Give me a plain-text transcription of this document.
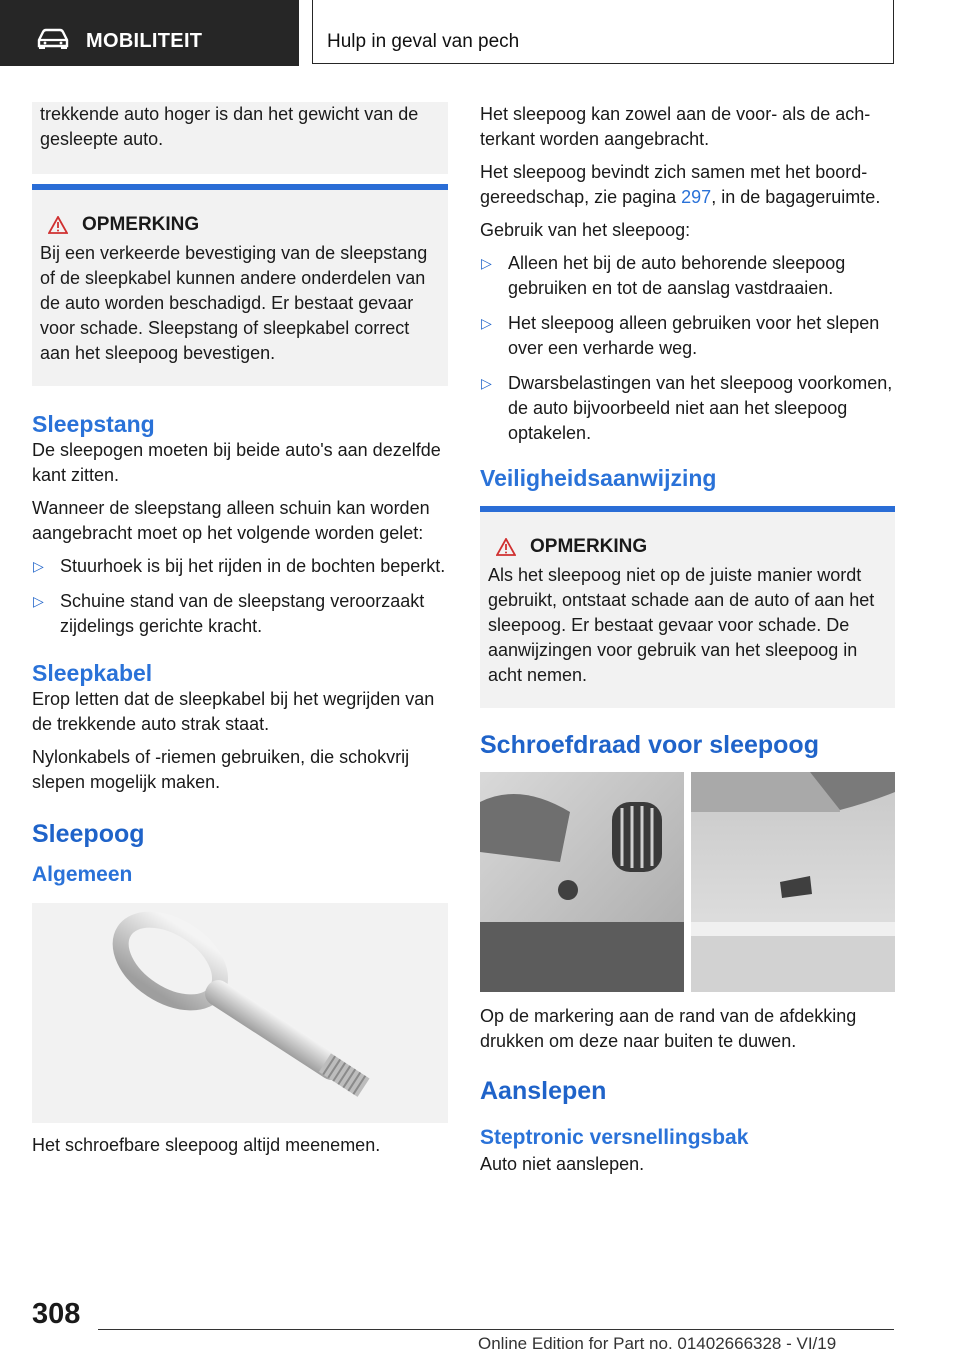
MOBILITEIT	Hulp in geval van pech

trekkende auto hoger is dan het gewicht van de gesleepte auto.

OPMERKING

Bij een verkeerde bevestiging van de sleepstang of de sleepkabel kunnen andere onderdelen van de auto worden beschadigd. Er bestaat gevaar voor schade. Sleepstang of sleepkabel correct aan het sleepoog bevestigen.

Sleepstang

De sleepogen moeten bij beide auto's aan dezelfde kant zitten.

Wanneer de sleepstang alleen schuin kan worden aangebracht moet op het volgende worden gelet:

▷ Stuurhoek is bij het rijden in de bochten beperkt.
▷ Schuine stand van de sleepstang veroorzaakt zijdelings gerichte kracht.
Sleepkabel

Erop letten dat de sleepkabel bij het wegrijden van de trekkende auto strak staat.

Nylonkabels of -riemen gebruiken, die schokvrij slepen mogelijk maken.

Sleepoog
Algemeen

Het schroefbare sleepoog altijd meenemen.

Het sleepoog kan zowel aan de voor- als de achterkant worden aangebracht.

Het sleepoog bevindt zich samen met het boordgereedschap, zie pagina 297, in de bagageruimte.

Gebruik van het sleepoog:

▷ Alleen het bij de auto behorende sleepoog gebruiken en tot de aanslag vastdraaien.
▷ Het sleepoog alleen gebruiken voor het slepen over een verharde weg.
▷ Dwarsbelastingen van het sleepoog voorkomen, de auto bijvoorbeeld niet aan het sleepoog optakelen.
Veiligheidsaanwijzing
OPMERKING

Als het sleepoog niet op de juiste manier wordt gebruikt, ontstaat schade aan de auto of aan het sleepoog. Er bestaat gevaar voor schade. De aanwijzingen voor gebruik van het sleepoog in acht nemen.

Schroefdraad voor sleepoog

Op de markering aan de rand van de afdekking drukken om deze naar buiten te duwen.

Aanslepen
Steptronic versnellingsbak

Auto niet aanslepen.

308
Online Edition for Part no. 01402666328 - VI/19
